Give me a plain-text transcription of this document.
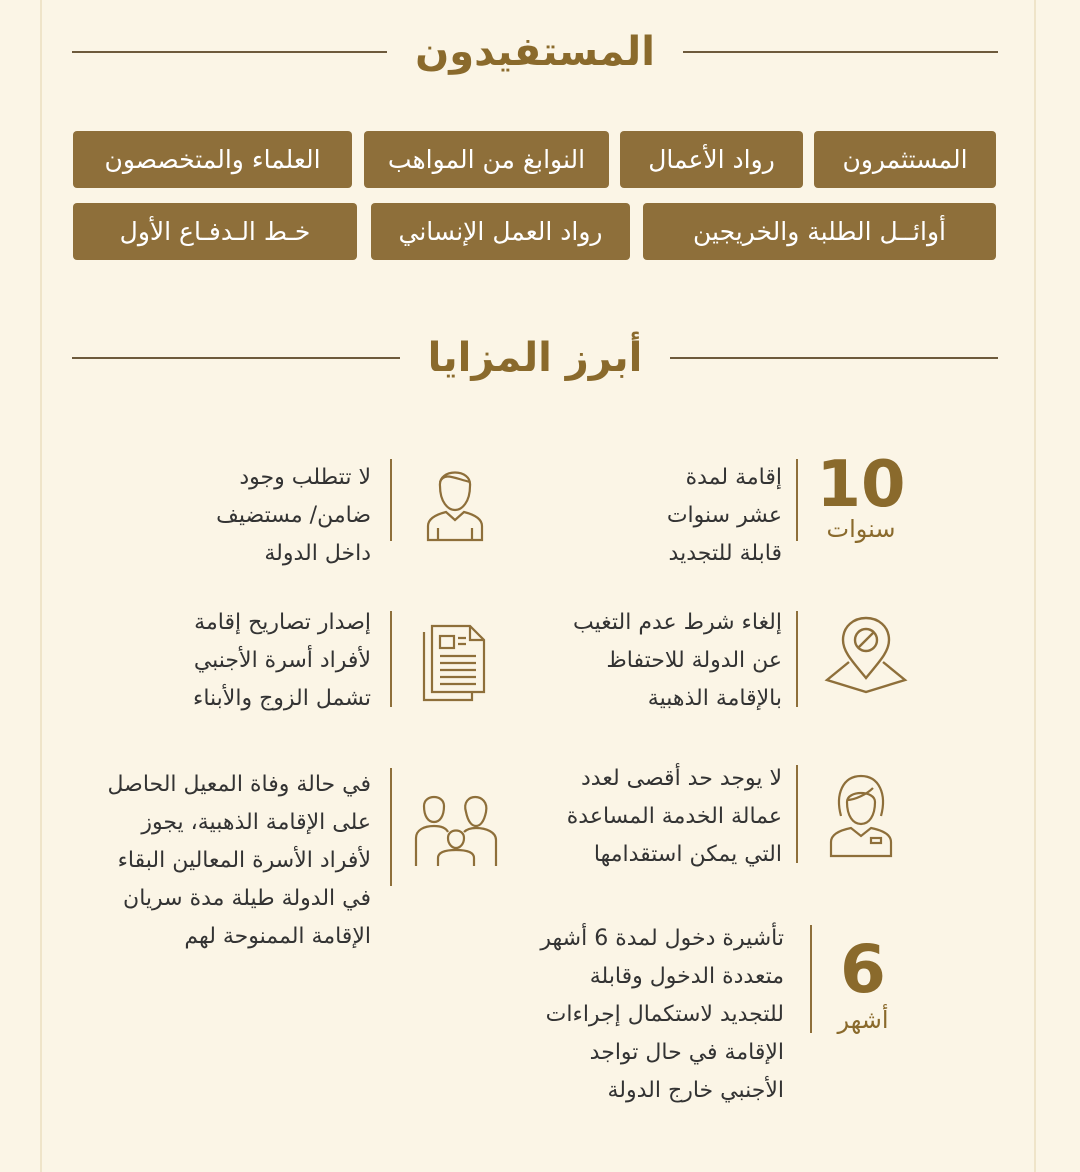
المستفيدون
المستثمرون
رواد الأعمال
النوابغ من المواهب
العلماء والمتخصصون
أوائــل الطلبة والخريجين
رواد العمل الإنساني
خـط الـدفـاع الأول
أبرز المزايا
10
سنوات
إقامة لمدة
عشر سنوات
قابلة للتجديد
لا تتطلب وجود
ضامن/ مستضيف
داخل الدولة
إلغاء شرط عدم التغيب
عن الدولة للاحتفاظ
بالإقامة الذهبية
إصدار تصاريح إقامة
لأفراد أسرة الأجنبي
تشمل الزوج والأبناء
لا يوجد حد أقصى لعدد
عمالة الخدمة المساعدة
التي يمكن استقدامها
في حالة وفاة المعيل الحاصل
على الإقامة الذهبية، يجوز
لأفراد الأسرة المعالين البقاء
في الدولة طيلة مدة سريان
الإقامة الممنوحة لهم	6
أشهر
تأشيرة دخول لمدة 6 أشهر
متعددة الدخول وقابلة
للتجديد لاستكمال إجراءات
الإقامة في حال تواجد
الأجنبي خارج الدولة
